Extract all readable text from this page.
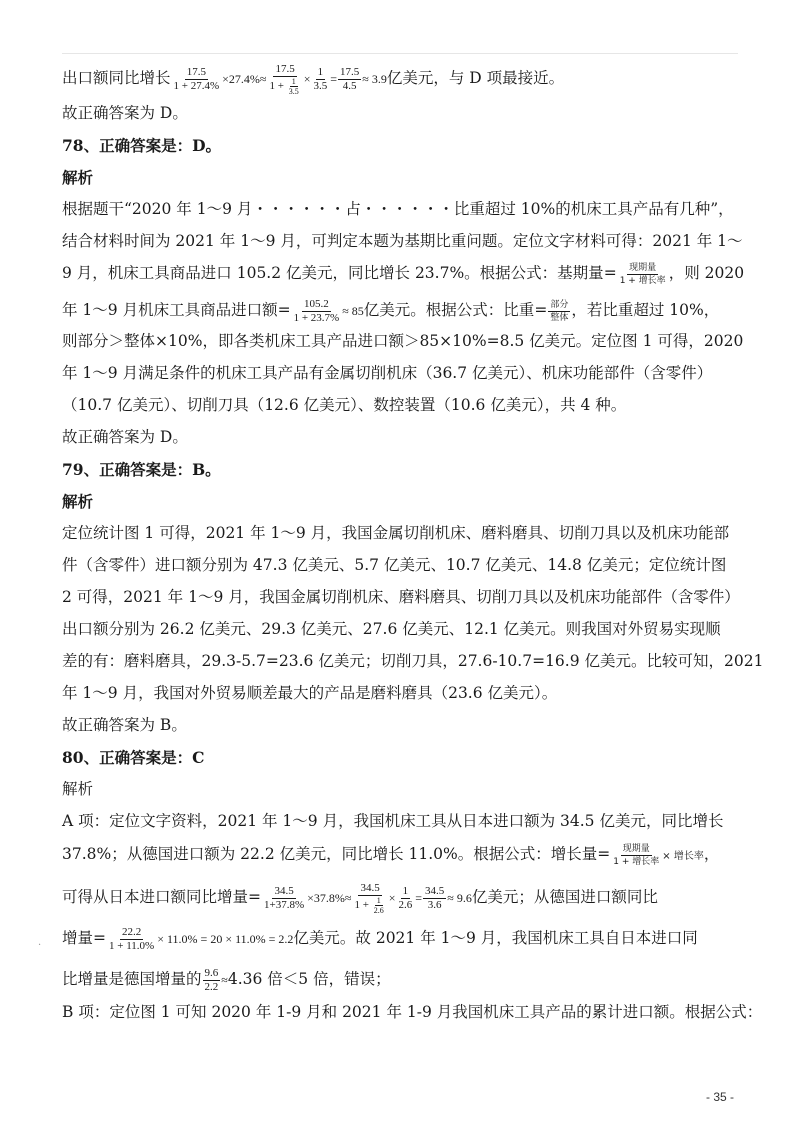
出口额同比增长 $\frac{17.5}{1 + 27.4\%} \times 27.4\%\approx \frac{17.5}{1 + \frac{1}{3.5}} \times \frac{1}{3.5} = \frac{17.5}{4.5} \approx 3.9$亿美元，与 D 项最接近。

故正确答案为 D。

78、正确答案是：D。

解析

根据题干“2020 年 1～9 月・・・・・・占・・・・・・比重超过 10%的机床工具产品有几种”，

结合材料时间为 2021 年 1～9 月，可判定本题为基期比重问题。定位文字材料可得：2021 年 1～

9 月，机床工具商品进口 105.2 亿美元，同比增长 23.7%。根据公式：基期量= $\frac{\text{现期量}}{\text{1 + 增长率}}$ ，则 2020

年 1～9 月机床工具商品进口额= $\frac{105.2}{1 + 23.7\%} \approx 85$亿美元。根据公式：比重= $\frac{\text{部分}}{\text{整体}}$ ，若比重超过 10%，

则部分＞整体×10%，即各类机床工具产品进口额＞85×10%=8.5 亿美元。定位图 1 可得，2020

年 1～9 月满足条件的机床工具产品有金属切削机床（36.7 亿美元）、机床功能部件（含零件）

（10.7 亿美元）、切削刀具（12.6 亿美元）、数控装置（10.6 亿美元），共 4 种。

故正确答案为 D。

79、正确答案是：B。

解析

定位统计图 1 可得，2021 年 1～9 月，我国金属切削机床、磨料磨具、切削刀具以及机床功能部

件（含零件）进口额分别为 47.3 亿美元、5.7 亿美元、10.7 亿美元、14.8 亿美元；定位统计图

2 可得，2021 年 1～9 月，我国金属切削机床、磨料磨具、切削刀具以及机床功能部件（含零件）

出口额分别为 26.2 亿美元、29.3 亿美元、27.6 亿美元、12.1 亿美元。则我国对外贸易实现顺

差的有：磨料磨具，29.3-5.7=23.6 亿美元；切削刀具，27.6-10.7=16.9 亿美元。比较可知，2021

年 1～9 月，我国对外贸易顺差最大的产品是磨料磨具（23.6 亿美元）。

故正确答案为 B。

80、正确答案是：C

解析

A 项：定位文字资料，2021 年 1～9 月，我国机床工具从日本进口额为 34.5 亿美元，同比增长

37.8%；从德国进口额为 22.2 亿美元，同比增长 11.0%。根据公式：增长量= $\frac{\text{现期量}}{\text{1 + 增长率}}$ × 增长率，

可得从日本进口额同比增量= $\frac{34.5}{1+37.8\%} \times 37.8\%\approx \frac{34.5}{1 + \frac{1}{2.6}} \times \frac{1}{2.6} = \frac{34.5}{3.6} \approx 9.6$亿美元；从德国进口额同比

增量= $\frac{22.2}{1 + 11.0\%} \times 11.0\% = 20 \times 11.0\% = 2.2$亿美元。故 2021 年 1～9 月，我国机床工具自日本进口同

比增量是德国增量的 $\frac{9.6}{2.2} \approx 4.36$ 倍＜5 倍，错误；

B 项：定位图 1 可知 2020 年 1-9 月和 2021 年 1-9 月我国机床工具产品的累计进口额。根据公式：

·
- 35 -
